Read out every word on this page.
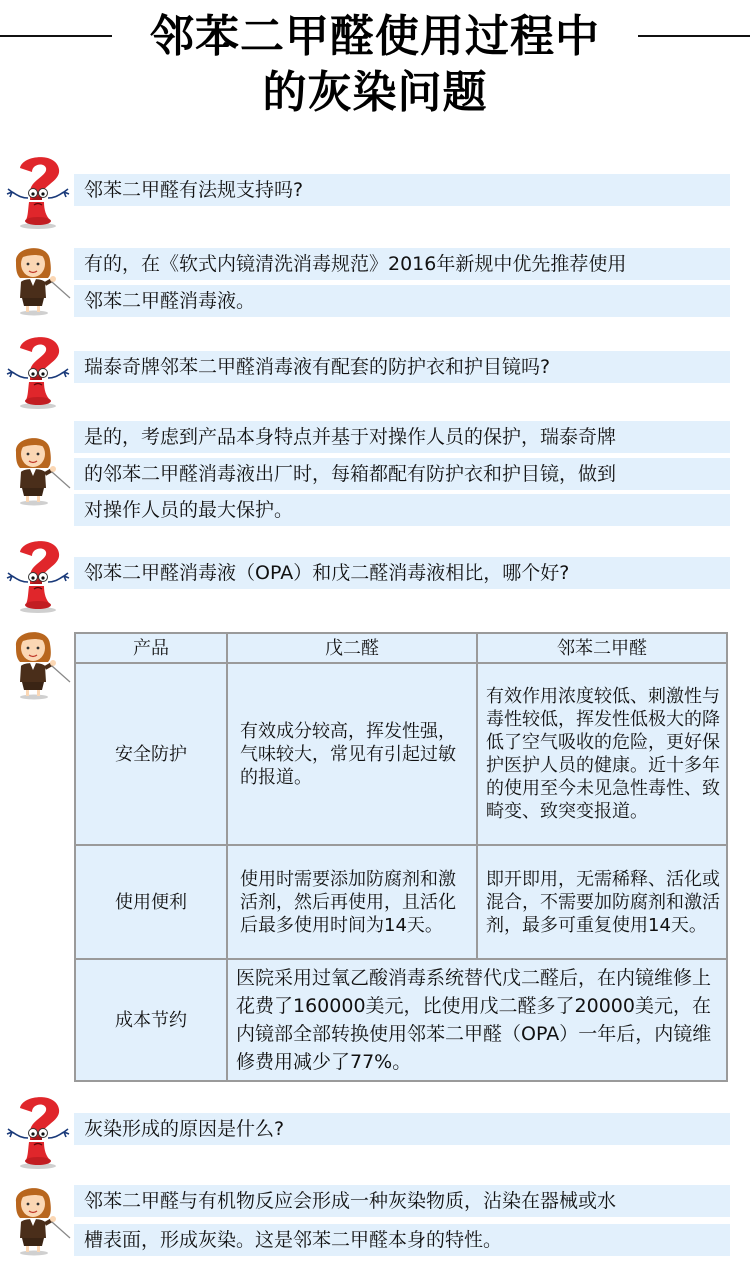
邻苯二甲醛使用过程中
的灰染问题
邻苯二甲醛有法规支持吗?
有的，在《软式内镜清洗消毒规范》2016年新规中优先推荐使用
邻苯二甲醛消毒液。
瑞泰奇牌邻苯二甲醛消毒液有配套的防护衣和护目镜吗?
是的，考虑到产品本身特点并基于对操作人员的保护，瑞泰奇牌
的邻苯二甲醛消毒液出厂时，每箱都配有防护衣和护目镜，做到
对操作人员的最大保护。
邻苯二甲醛消毒液（OPA）和戊二醛消毒液相比，哪个好?
产品	戊二醛	邻苯二甲醛
安全防护	有效成分较高，挥发性强，气味较大，常见有引起过敏的报道。	有效作用浓度较低、刺激性与毒性较低，挥发性低极大的降低了空气吸收的危险，更好保护医护人员的健康。近十多年的使用至今未见急性毒性、致畸变、致突变报道。
使用便利	使用时需要添加防腐剂和激活剂，然后再使用，且活化后最多使用时间为14天。	即开即用，无需稀释、活化或混合，不需要加防腐剂和激活剂，最多可重复使用14天。
成本节约	医院采用过氧乙酸消毒系统替代戊二醛后，在内镜维修上花费了160000美元，比使用戊二醛多了20000美元，在内镜部全部转换使用邻苯二甲醛（OPA）一年后，内镜维修费用减少了77%。	
灰染形成的原因是什么?
邻苯二甲醛与有机物反应会形成一种灰染物质，沾染在器械或水
槽表面，形成灰染。这是邻苯二甲醛本身的特性。
